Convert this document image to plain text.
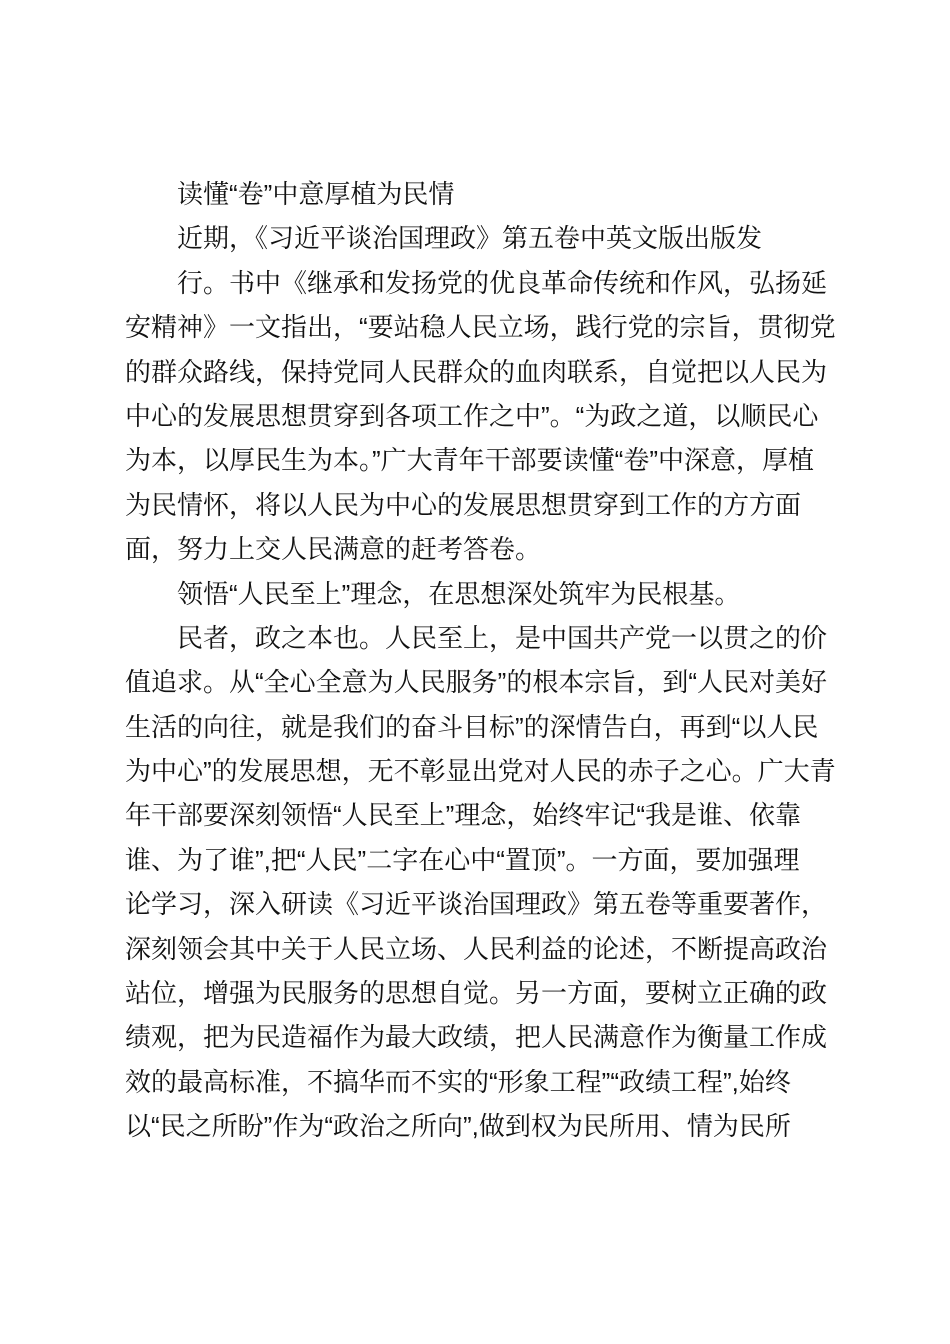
读懂“卷”中意厚植为民情
近期，《习近平谈治国理政》第五卷中英文版出版发
行。书中《继承和发扬党的优良革命传统和作风，弘扬延
安精神》一文指出，“要站稳人民立场，践行党的宗旨，贯彻党
的群众路线，保持党同人民群众的血肉联系，自觉把以人民为
中心的发展思想贯穿到各项工作之中”。“为政之道，以顺民心
为本，以厚民生为本。”广大青年干部要读懂“卷”中深意，厚植
为民情怀，将以人民为中心的发展思想贯穿到工作的方方面
面，努力上交人民满意的赶考答卷。
领悟“人民至上”理念，在思想深处筑牢为民根基。
民者，政之本也。人民至上，是中国共产党一以贯之的价
值追求。从“全心全意为人民服务”的根本宗旨，到“人民对美好
生活的向往，就是我们的奋斗目标”的深情告白，再到“以人民
为中心”的发展思想，无不彰显出党对人民的赤子之心。广大青
年干部要深刻领悟“人民至上”理念，始终牢记“我是谁、依靠
谁、为了谁”,把“人民”二字在心中“置顶”。一方面，要加强理
论学习，深入研读《习近平谈治国理政》第五卷等重要著作，
深刻领会其中关于人民立场、人民利益的论述，不断提高政治
站位，增强为民服务的思想自觉。另一方面，要树立正确的政
绩观，把为民造福作为最大政绩，把人民满意作为衡量工作成
效的最高标准，不搞华而不实的“形象工程”“政绩工程”,始终
以“民之所盼”作为“政治之所向”,做到权为民所用、情为民所
